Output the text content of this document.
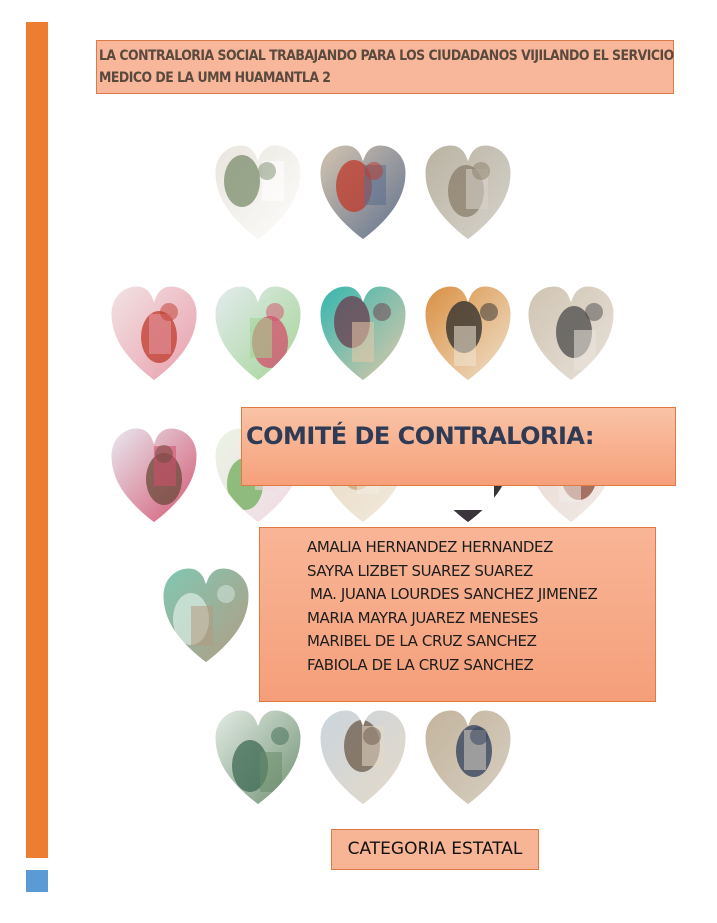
LA CONTRALORIA SOCIAL TRABAJANDO PARA LOS CIUDADANOS VIJILANDO EL SERVICIO MEDICO DE LA UMM HUAMANTLA 2
COMITÉ DE CONTRALORIA:
AMALIA HERNANDEZ HERNANDEZ
SAYRA LIZBET SUAREZ SUAREZ
MA. JUANA LOURDES SANCHEZ JIMENEZ
MARIA MAYRA JUAREZ MENESES
MARIBEL DE LA CRUZ SANCHEZ
FABIOLA DE LA CRUZ SANCHEZ
CATEGORIA ESTATAL
